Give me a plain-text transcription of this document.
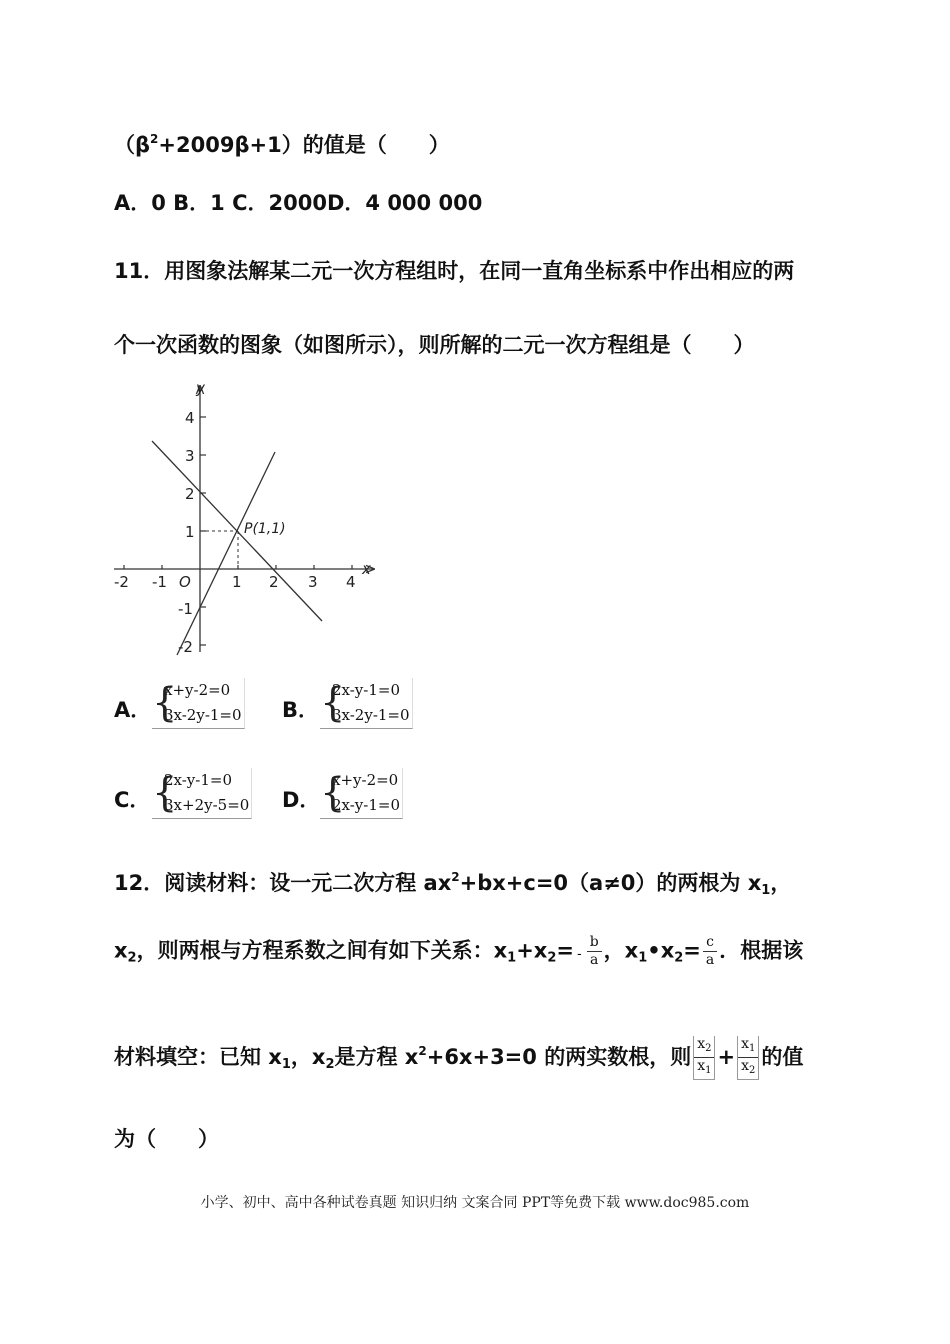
$(\beta^2+2009\beta+1)$的值是（　　）
A．0 B．1 C．2000D．4 000 000
11．用图象法解某二元一次方程组时，在同一直角坐标系中作出相应的两
个一次函数的图象（如图所示），则所解的二元一次方程组是（　　）
x
y
O
P(1,1)
-2 -1	1 2 3 4
4
3
2
1
-1
-2
A． {
x+y-2=0
3x-2y-1=0 B． {
2x-y-1=0
3x-2y-1=0
C． {
2x-y-1=0
3x+2y-5=0 D． {
x+y-2=0
2x-y-1=0
12．阅读材料：设一元二次方程 $ax^2+bx+c=0(a\ne 0)$的两根为 $x_1$，
$x_2$，则两根与方程系数之间有如下关系：$x_1+x_2= - \frac{b}{a}$ ，$x_1•x_2= \frac{c}{a}$ ．根据该
材料填空：已知 $x_1$，$x_2$是方程 $x^2+6x+3=0$ 的两实数根，则 $\frac{x_2}{x_1} + \frac{x_1}{x_2}$ 的值
为（　　）
小学、初中、高中各种试卷真题 知识归纳 文案合同 PPT等免费下载 www.doc985.com
